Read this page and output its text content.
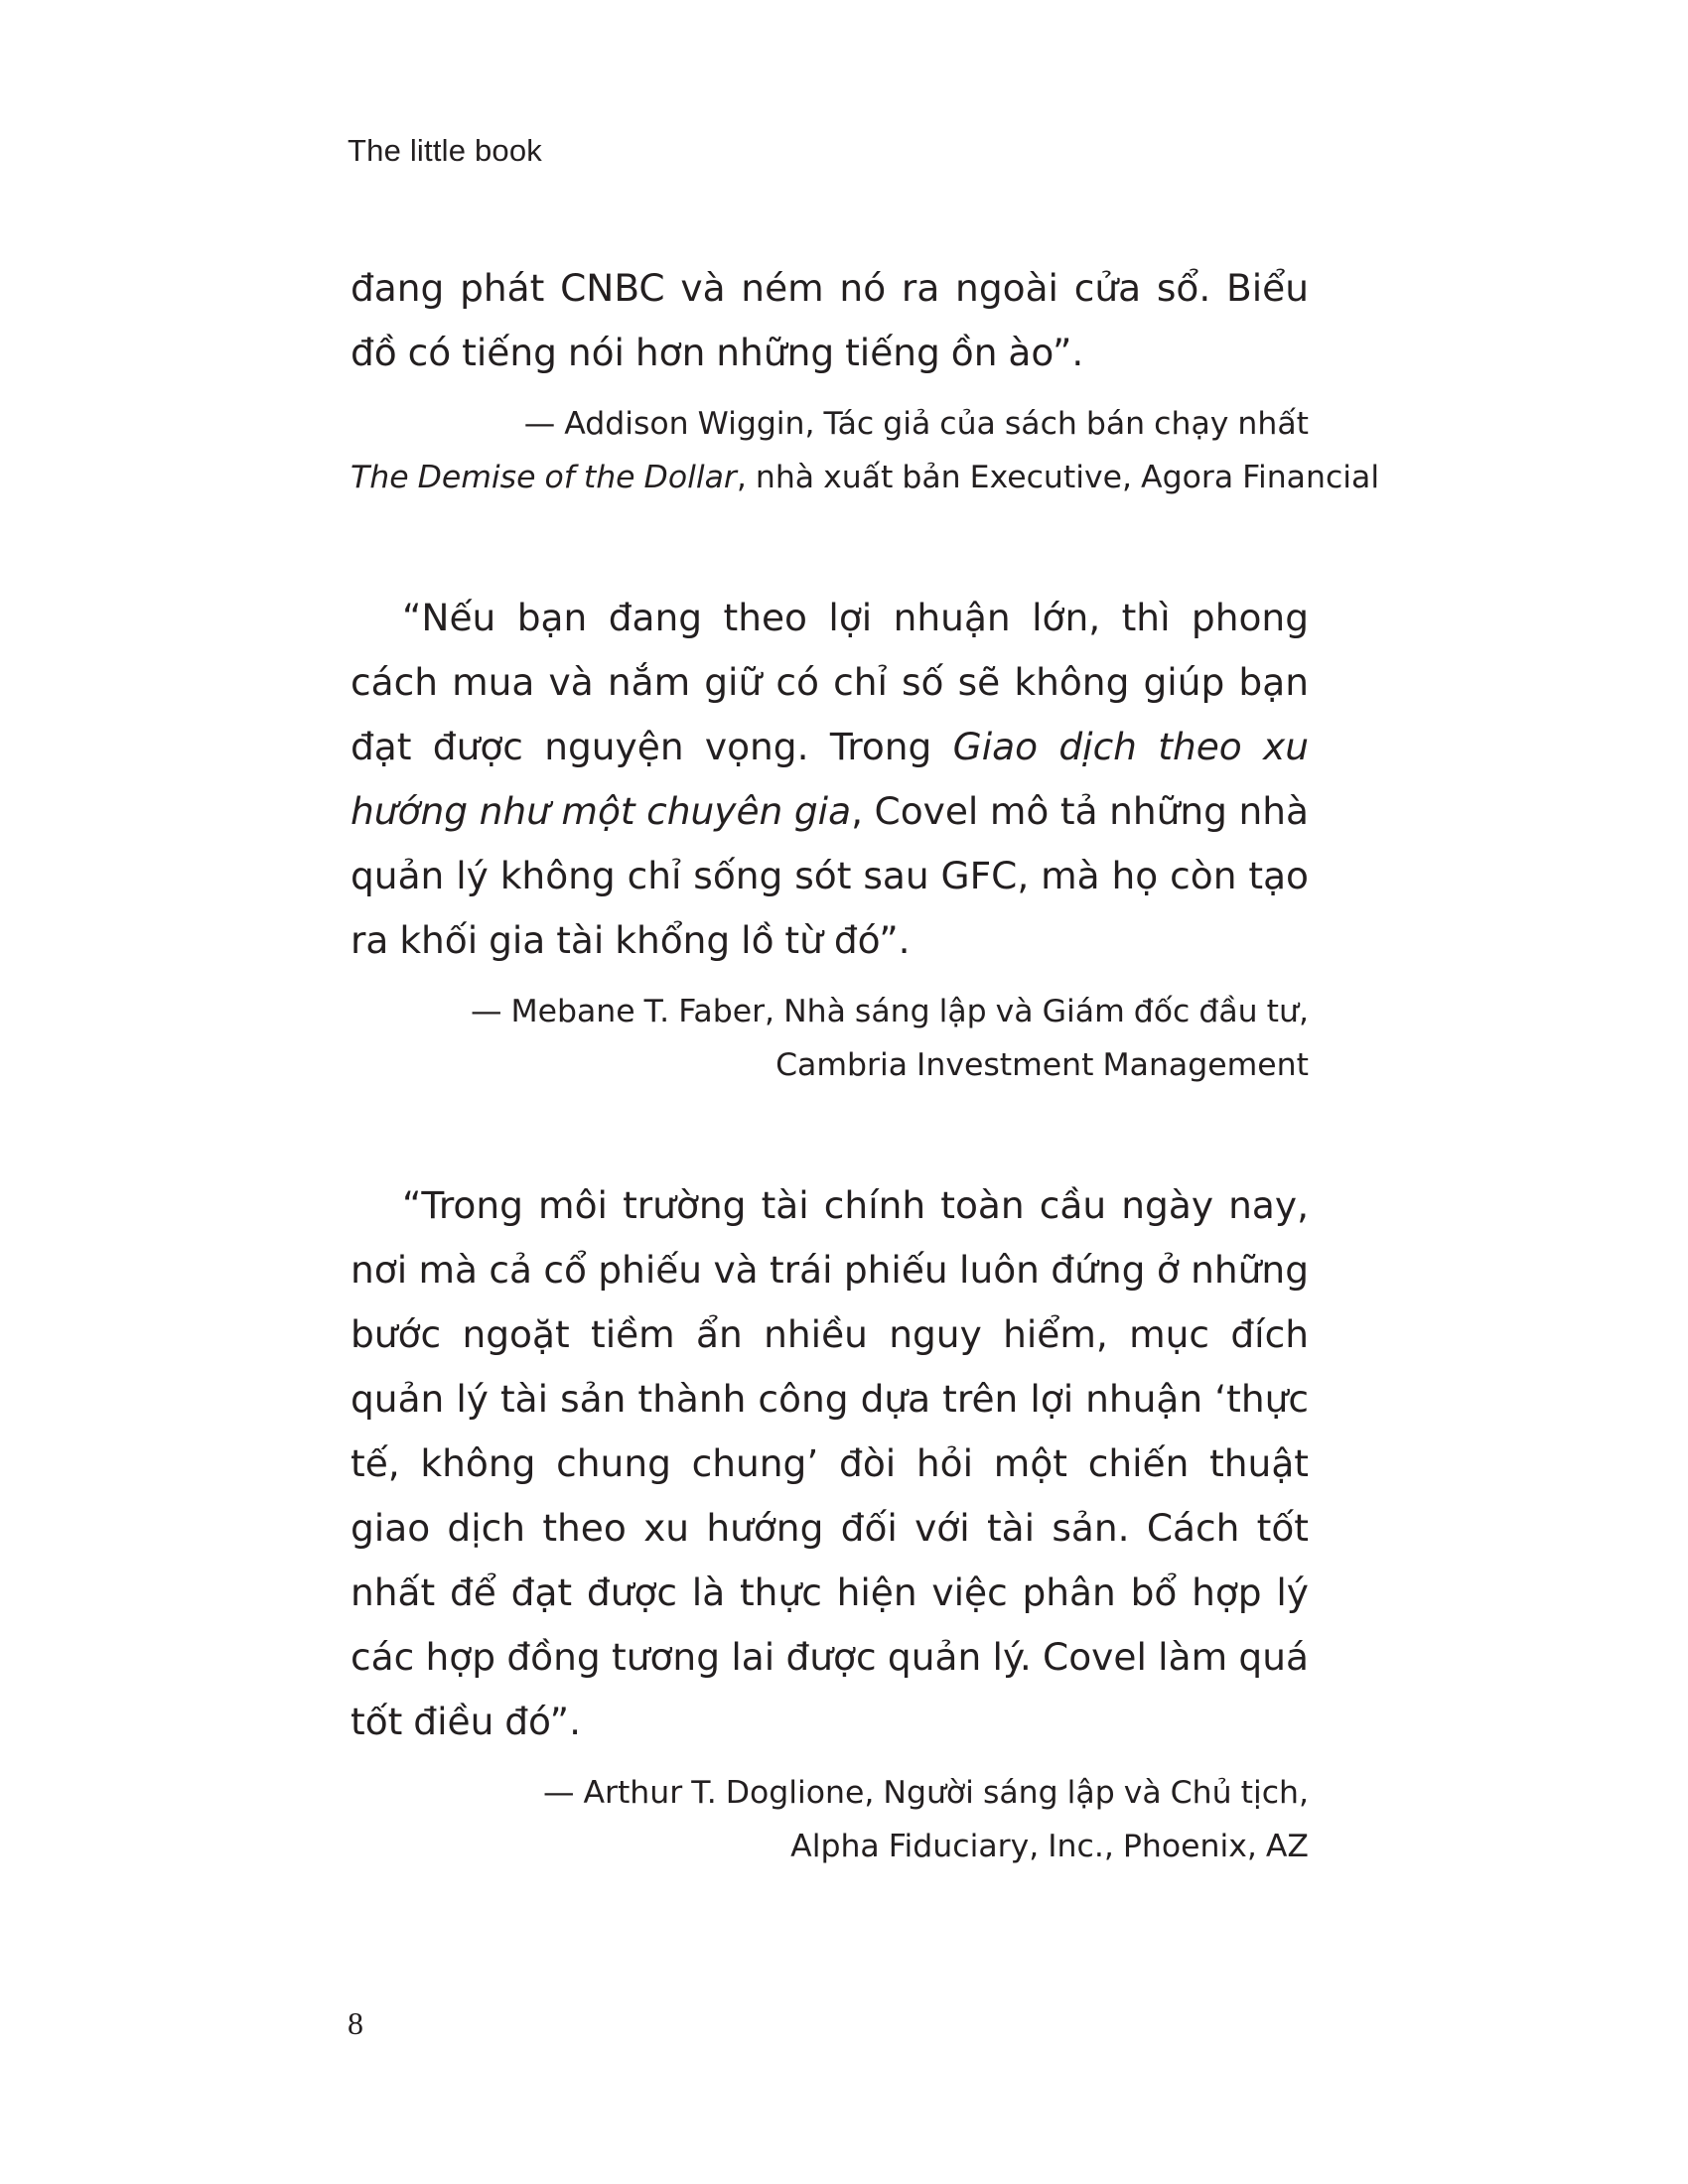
The little book

đang phát CNBC và ném nó ra ngoài cửa sổ. Biểu đồ có tiếng nói hơn những tiếng ồn ào”.

— Addison Wiggin, Tác giả của sách bán chạy nhất
The Demise of the Dollar, nhà xuất bản Executive, Agora Financial

“Nếu bạn đang theo lợi nhuận lớn, thì phong cách mua và nắm giữ có chỉ số sẽ không giúp bạn đạt được nguyện vọng. Trong Giao dịch theo xu hướng như một chuyên gia, Covel mô tả những nhà quản lý không chỉ sống sót sau GFC, mà họ còn tạo ra khối gia tài khổng lồ từ đó”.

— Mebane T. Faber, Nhà sáng lập và Giám đốc đầu tư,
Cambria Investment Management

“Trong môi trường tài chính toàn cầu ngày nay, nơi mà cả cổ phiếu và trái phiếu luôn đứng ở những bước ngoặt tiềm ẩn nhiều nguy hiểm, mục đích quản lý tài sản thành công dựa trên lợi nhuận ‘thực tế, không chung chung’ đòi hỏi một chiến thuật giao dịch theo xu hướng đối với tài sản. Cách tốt nhất để đạt được là thực hiện việc phân bổ hợp lý các hợp đồng tương lai được quản lý. Covel làm quá tốt điều đó”.

— Arthur T. Doglione, Người sáng lập và Chủ tịch,
Alpha Fiduciary, Inc., Phoenix, AZ
8
